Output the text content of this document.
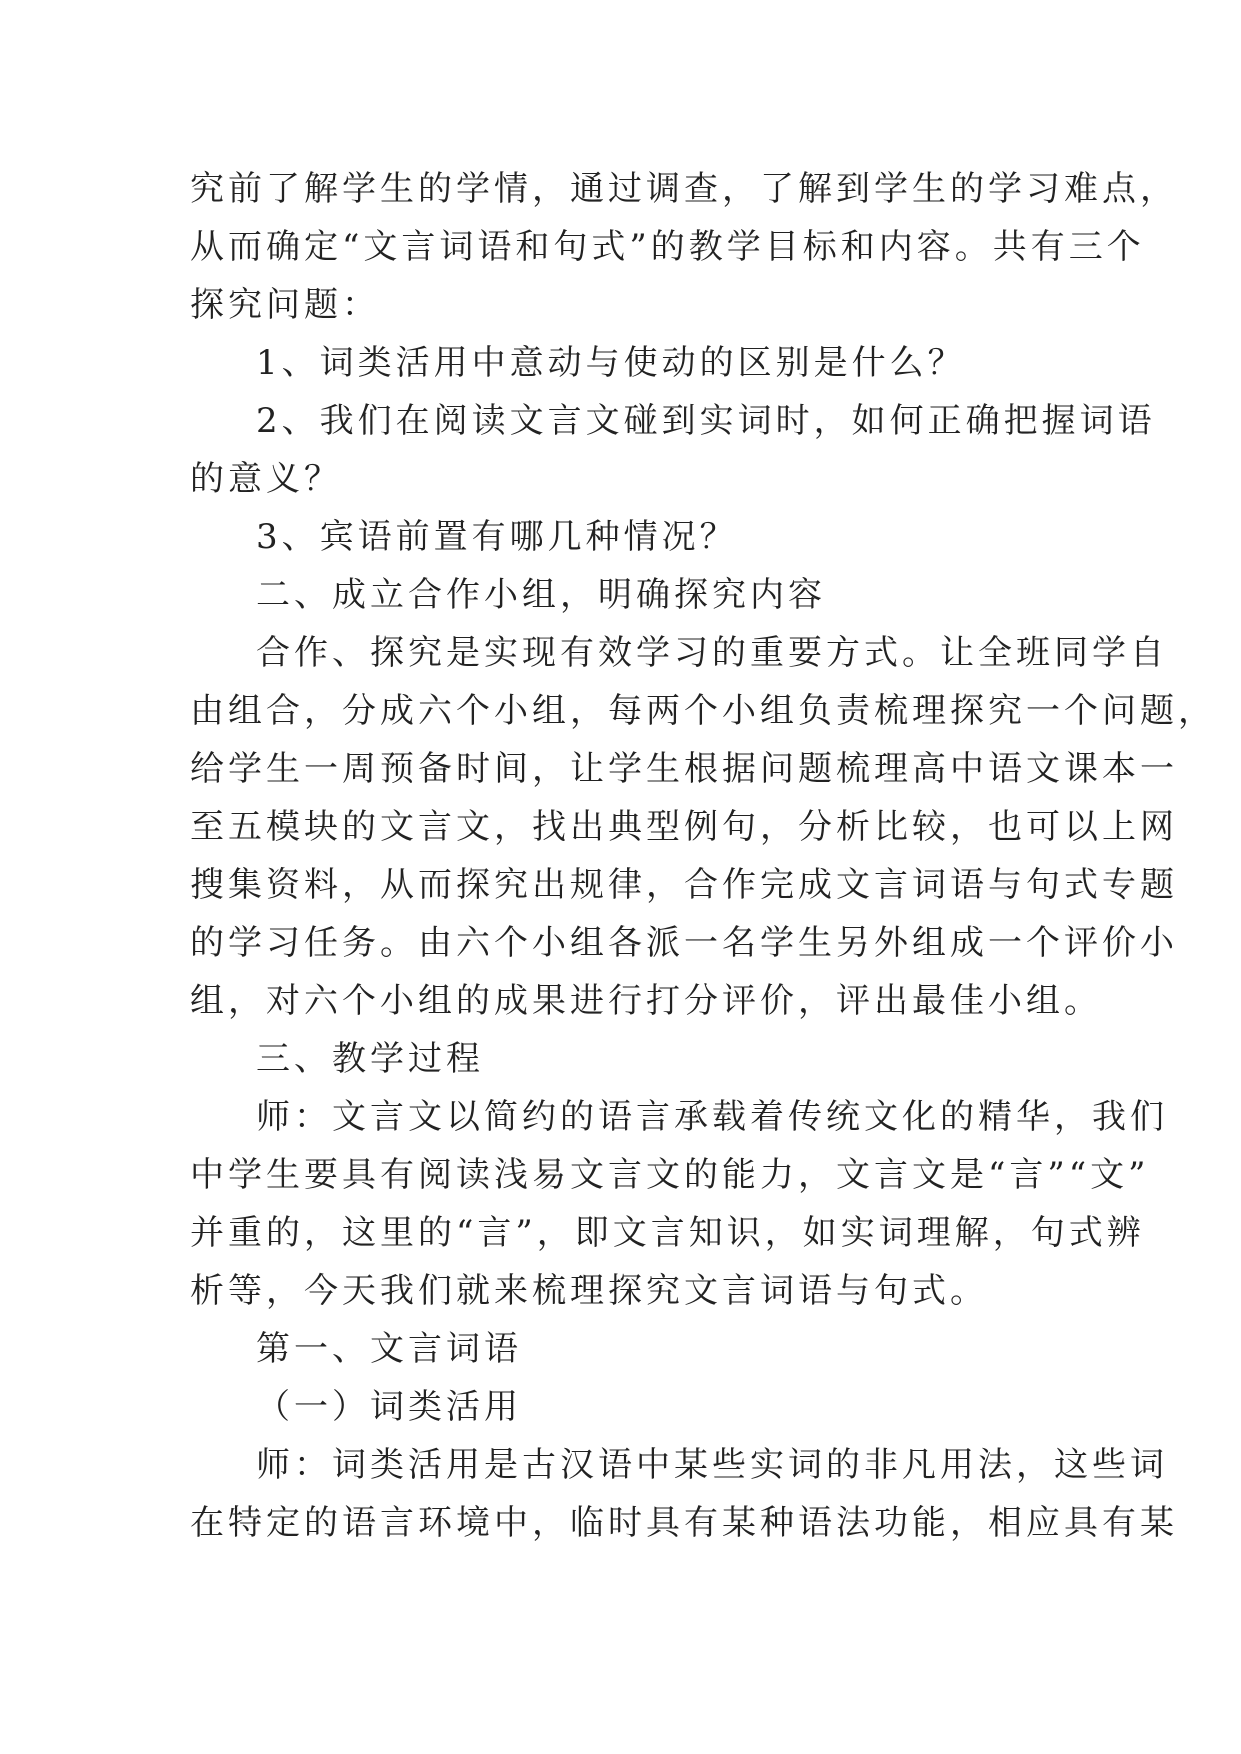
究前了解学生的学情，通过调查，了解到学生的学习难点，
从而确定“文言词语和句式”的教学目标和内容。共有三个
探究问题：
1、词类活用中意动与使动的区别是什么？
2、我们在阅读文言文碰到实词时，如何正确把握词语
的意义？
3、宾语前置有哪几种情况？
二、成立合作小组，明确探究内容
合作、探究是实现有效学习的重要方式。让全班同学自
由组合，分成六个小组，每两个小组负责梳理探究一个问题，
给学生一周预备时间，让学生根据问题梳理高中语文课本一
至五模块的文言文，找出典型例句，分析比较，也可以上网
搜集资料，从而探究出规律，合作完成文言词语与句式专题
的学习任务。由六个小组各派一名学生另外组成一个评价小
组，对六个小组的成果进行打分评价，评出最佳小组。
三、教学过程
师：文言文以简约的语言承载着传统文化的精华，我们
中学生要具有阅读浅易文言文的能力，文言文是“言”“文”
并重的，这里的“言”，即文言知识，如实词理解，句式辨
析等，今天我们就来梳理探究文言词语与句式。
第一、文言词语
（一）词类活用
师：词类活用是古汉语中某些实词的非凡用法，这些词
在特定的语言环境中，临时具有某种语法功能，相应具有某
